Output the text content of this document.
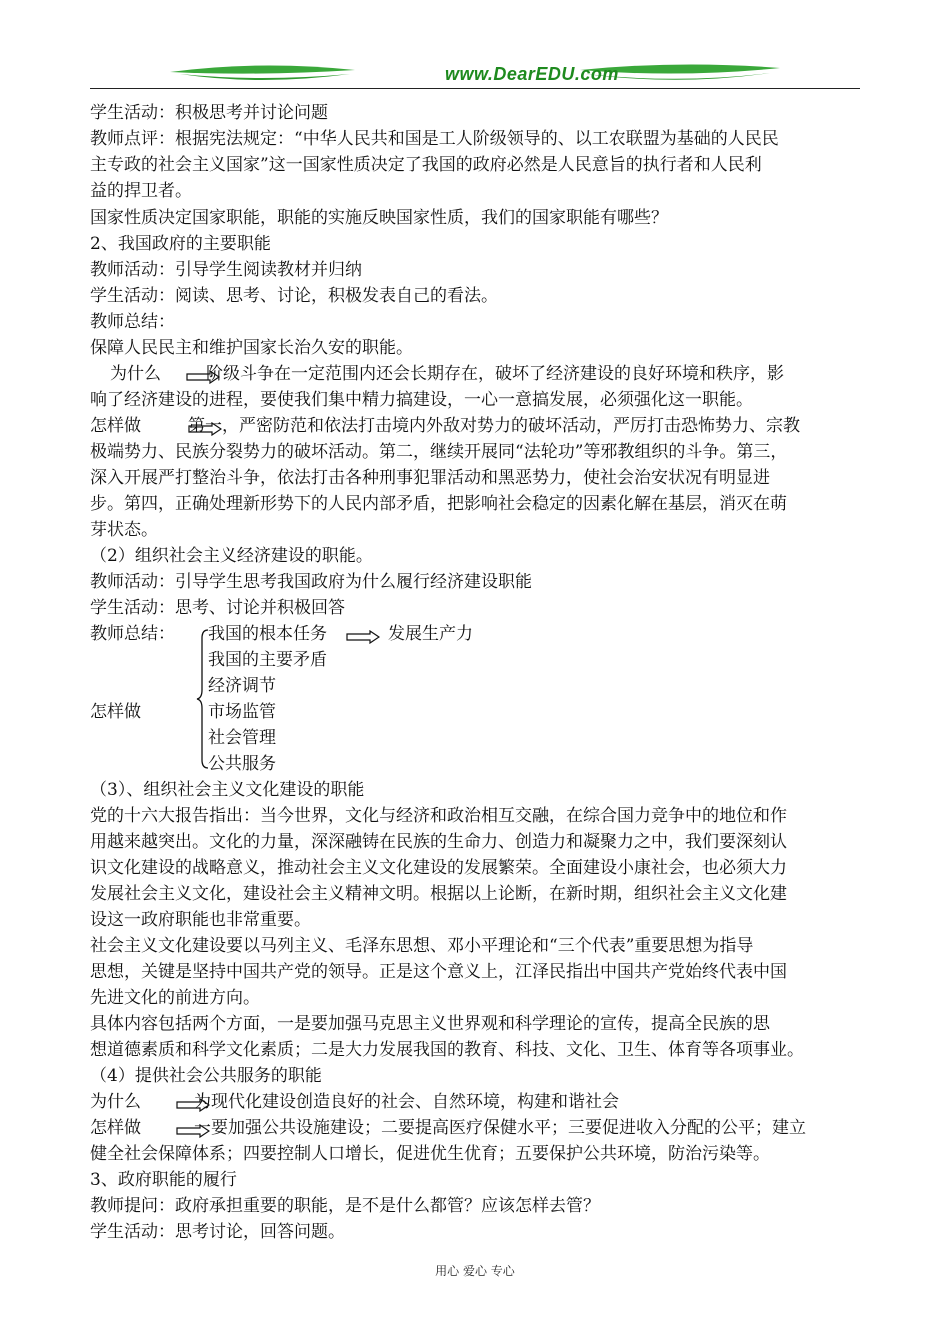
www.DearEDU.com
学生活动：积极思考并讨论问题
教师点评：根据宪法规定：“中华人民共和国是工人阶级领导的、以工农联盟为基础的人民民
主专政的社会主义国家”这一国家性质决定了我国的政府必然是人民意旨的执行者和人民利
益的捍卫者。
国家性质决定国家职能，职能的实施反映国家性质，我们的国家职能有哪些？
2、我国政府的主要职能
教师活动：引导学生阅读教材并归纳
学生活动：阅读、思考、讨论，积极发表自己的看法。
教师总结：
保障人民民主和维护国家长治久安的职能。
为什么	阶级斗争在一定范围内还会长期存在，破坏了经济建设的良好环境和秩序，影
响了经济建设的进程，要使我们集中精力搞建设，一心一意搞发展，必须强化这一职能。
怎样做	第一，严密防范和依法打击境内外敌对势力的破坏活动，严厉打击恐怖势力、宗教
极端势力、民族分裂势力的破坏活动。第二，继续开展同“法轮功”等邪教组织的斗争。第三，
深入开展严打整治斗争，依法打击各种刑事犯罪活动和黑恶势力，使社会治安状况有明显进
步。第四，正确处理新形势下的人民内部矛盾，把影响社会稳定的因素化解在基层，消灭在萌
芽状态。
（2）组织社会主义经济建设的职能。
教师活动：引导学生思考我国政府为什么履行经济建设职能
学生活动：思考、讨论并积极回答
教师总结： 我国的根本任务	发展生产力
我国的主要矛盾
经济调节
怎样做	市场监管
社会管理
公共服务
（3）、组织社会主义文化建设的职能
党的十六大报告指出：当今世界，文化与经济和政治相互交融，在综合国力竞争中的地位和作
用越来越突出。文化的力量，深深融铸在民族的生命力、创造力和凝聚力之中，我们要深刻认
识文化建设的战略意义，推动社会主义文化建设的发展繁荣。全面建设小康社会，也必须大力
发展社会主义文化，建设社会主义精神文明。根据以上论断，在新时期，组织社会主义文化建
设这一政府职能也非常重要。
社会主义文化建设要以马列主义、毛泽东思想、邓小平理论和“三个代表”重要思想为指导
思想，关键是坚持中国共产党的领导。正是这个意义上，江泽民指出中国共产党始终代表中国
先进文化的前进方向。
具体内容包括两个方面，一是要加强马克思主义世界观和科学理论的宣传，提高全民族的思
想道德素质和科学文化素质；二是大力发展我国的教育、科技、文化、卫生、体育等各项事业。
（4）提供社会公共服务的职能
为什么	为现代化建设创造良好的社会、自然环境，构建和谐社会
怎样做	一要加强公共设施建设；二要提高医疗保健水平；三要促进收入分配的公平；建立
健全社会保障体系；四要控制人口增长，促进优生优育；五要保护公共环境，防治污染等。
3、政府职能的履行
教师提问：政府承担重要的职能，是不是什么都管？应该怎样去管？
学生活动：思考讨论，回答问题。
用心 爱心 专心
